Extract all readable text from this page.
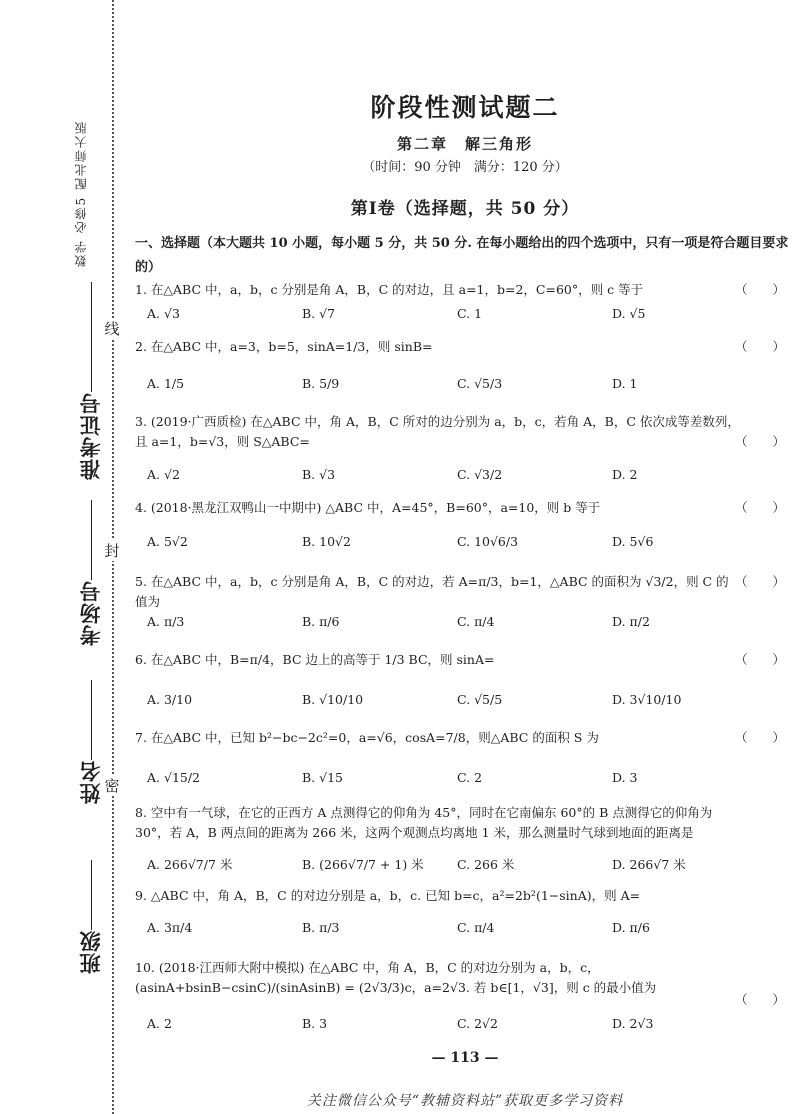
数学 必修5 配北师大版
线
封
密
准考证号
考场号
姓名
班级
阶段性测试题二
第二章　解三角形
（时间：90 分钟　满分：120 分）
第Ⅰ卷（选择题，共 50 分）
一、选择题（本大题共 10 小题，每小题 5 分，共 50 分. 在每小题给出的四个选项中，只有一项是符合题目要求的）
1. 在△ABC 中，a，b，c 分别是角 A，B，C 的对边，且 a=1，b=2，C=60°，则 c 等于	（　　）
A. √3	B. √7	C. 1	D. √5
2. 在△ABC 中，a=3，b=5，sinA=1/3，则 sinB=	（　　）
A. 1/5	B. 5/9	C. √5/3	D. 1
3. (2019·广西质检) 在△ABC 中，角 A，B，C 所对的边分别为 a，b，c，若角 A，B，C 依次成等差数列，且 a=1，b=√3，则 S△ABC=	（　　）
A. √2	B. √3	C. √3/2	D. 2
4. (2018·黑龙江双鸭山一中期中) △ABC 中，A=45°，B=60°，a=10，则 b 等于	（　　）
A. 5√2	B. 10√2	C. 10√6/3	D. 5√6
5. 在△ABC 中，a，b，c 分别是角 A，B，C 的对边，若 A=π/3，b=1，△ABC 的面积为 √3/2，则 C 的值为
（　　）
A. π/3	B. π/6	C. π/4	D. π/2
6. 在△ABC 中，B=π/4，BC 边上的高等于 1/3 BC，则 sinA=	（　　）
A. 3/10	B. √10/10	C. √5/5	D. 3√10/10
7. 在△ABC 中，已知 b²−bc−2c²=0，a=√6，cosA=7/8，则△ABC 的面积 S 为	（　　）
A. √15/2	B. √15	C. 2	D. 3
8. 空中有一气球，在它的正西方 A 点测得它的仰角为 45°，同时在它南偏东 60°的 B 点测得它的仰角为 30°，若 A，B 两点间的距离为 266 米，这两个观测点均离地 1 米，那么测量时气球到地面的距离是
A. 266√7/7 米	B. (266√7/7 + 1) 米	C. 266 米	D. 266√7 米
9. △ABC 中，角 A，B，C 的对边分别是 a，b，c. 已知 b=c，a²=2b²(1−sinA)，则 A=
A. 3π/4	B. π/3	C. π/4	D. π/6
10. (2018·江西师大附中模拟) 在△ABC 中，角 A，B，C 的对边分别为 a，b，c，(asinA+bsinB−csinC)/(sinAsinB) = (2√3/3)c，a=2√3. 若 b∈[1，√3]，则 c 的最小值为
（　　）
A. 2	B. 3	C. 2√2	D. 2√3
— 113 —
关注微信公众号“教辅资料站”获取更多学习资料
